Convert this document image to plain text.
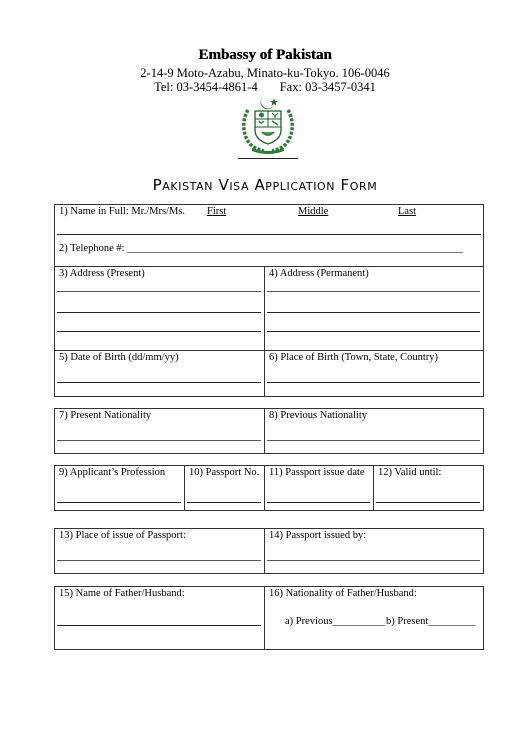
Embassy of Pakistan
2-14-9 Moto-Azabu, Minato-ku-Tokyo. 106-0046
Tel: 03-3454-4861-4 Fax: 03-3457-0341
Pakistan Visa Application Form
1) Name in Full: Mr./Mrs/Ms. First	Middle	Last
2) Telephone #: ________________________________________________________________
3) Address (Present)	4) Address (Permanent)
5) Date of Birth (dd/mm/yy)	6) Place of Birth (Town, State, Country)
7) Present Nationality	8) Previous Nationality
9) Applicant’s Profession 10) Passport No. 11) Passport issue date 12) Valid until:
13) Place of issue of Passport:	14) Passport issued by:
15) Name of Father/Husband:	16) Nationality of Father/Husband:
a) Previous__________ b) Present_________
